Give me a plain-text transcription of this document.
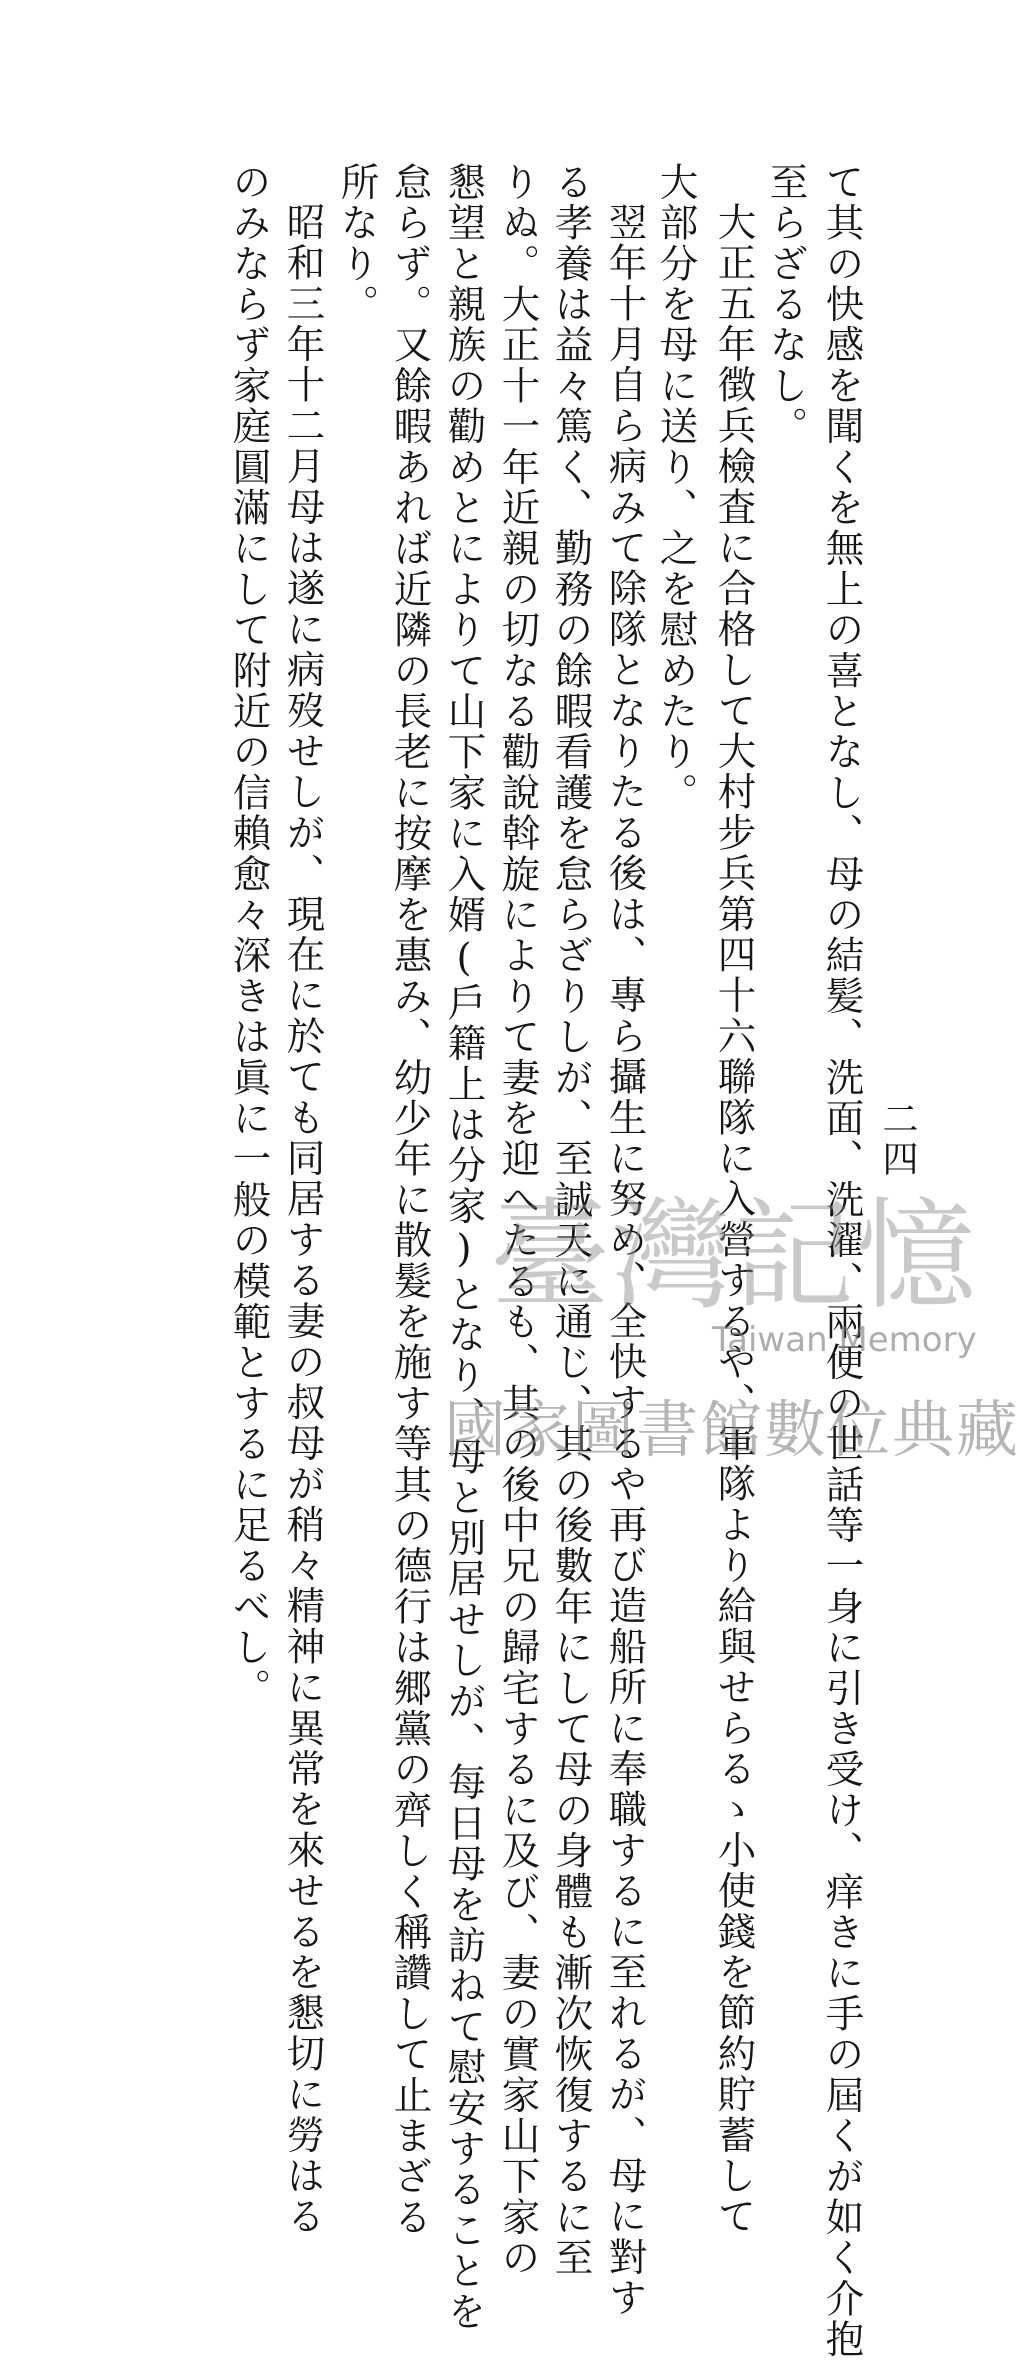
二四
て其の快感を聞くを無上の喜となし、母の結髪、洗面、洗濯、兩便の世話等一身に引き受け、痒きに手の屆くが如く介抱
至らざるなし。
大正五年徴兵檢査に合格して大村步兵第四十六聯隊に入營するや、軍隊より給與せらるゝ小使錢を節約貯蓄して
大部分を母に送り、之を慰めたり。
翌年十月自ら病みて除隊となりたる後は、專ら攝生に努め、全快するや再び造船所に奉職するに至れるが、母に對す
る孝養は益々篤く、勤務の餘暇看護を怠らざりしが、至誠天に通じ、其の後數年にして母の身體も漸次恢復するに至
りぬ。大正十一年近親の切なる勸說斡旋によりて妻を迎へたるも、其の後中兄の歸宅するに及び、妻の實家山下家の
懇望と親族の勸めとによりて山下家に入婿(戶籍上は分家)となり、母と別居せしが、每日母を訪ねて慰安することを
怠らず。又餘暇あれば近隣の長老に按摩を惠み、幼少年に散髮を施す等其の德行は郷黨の齊しく稱讚して止まざる
所なり。
昭和三年十二月母は遂に病歿せしが、現在に於ても同居する妻の叔母が稍々精神に異常を來せるを懇切に勞はる
のみならず家庭圓滿にして附近の信賴愈々深きは眞に一般の模範とするに足るべし。 臺灣記憶
Taiwan Memory
國家圖書館數位典藏
